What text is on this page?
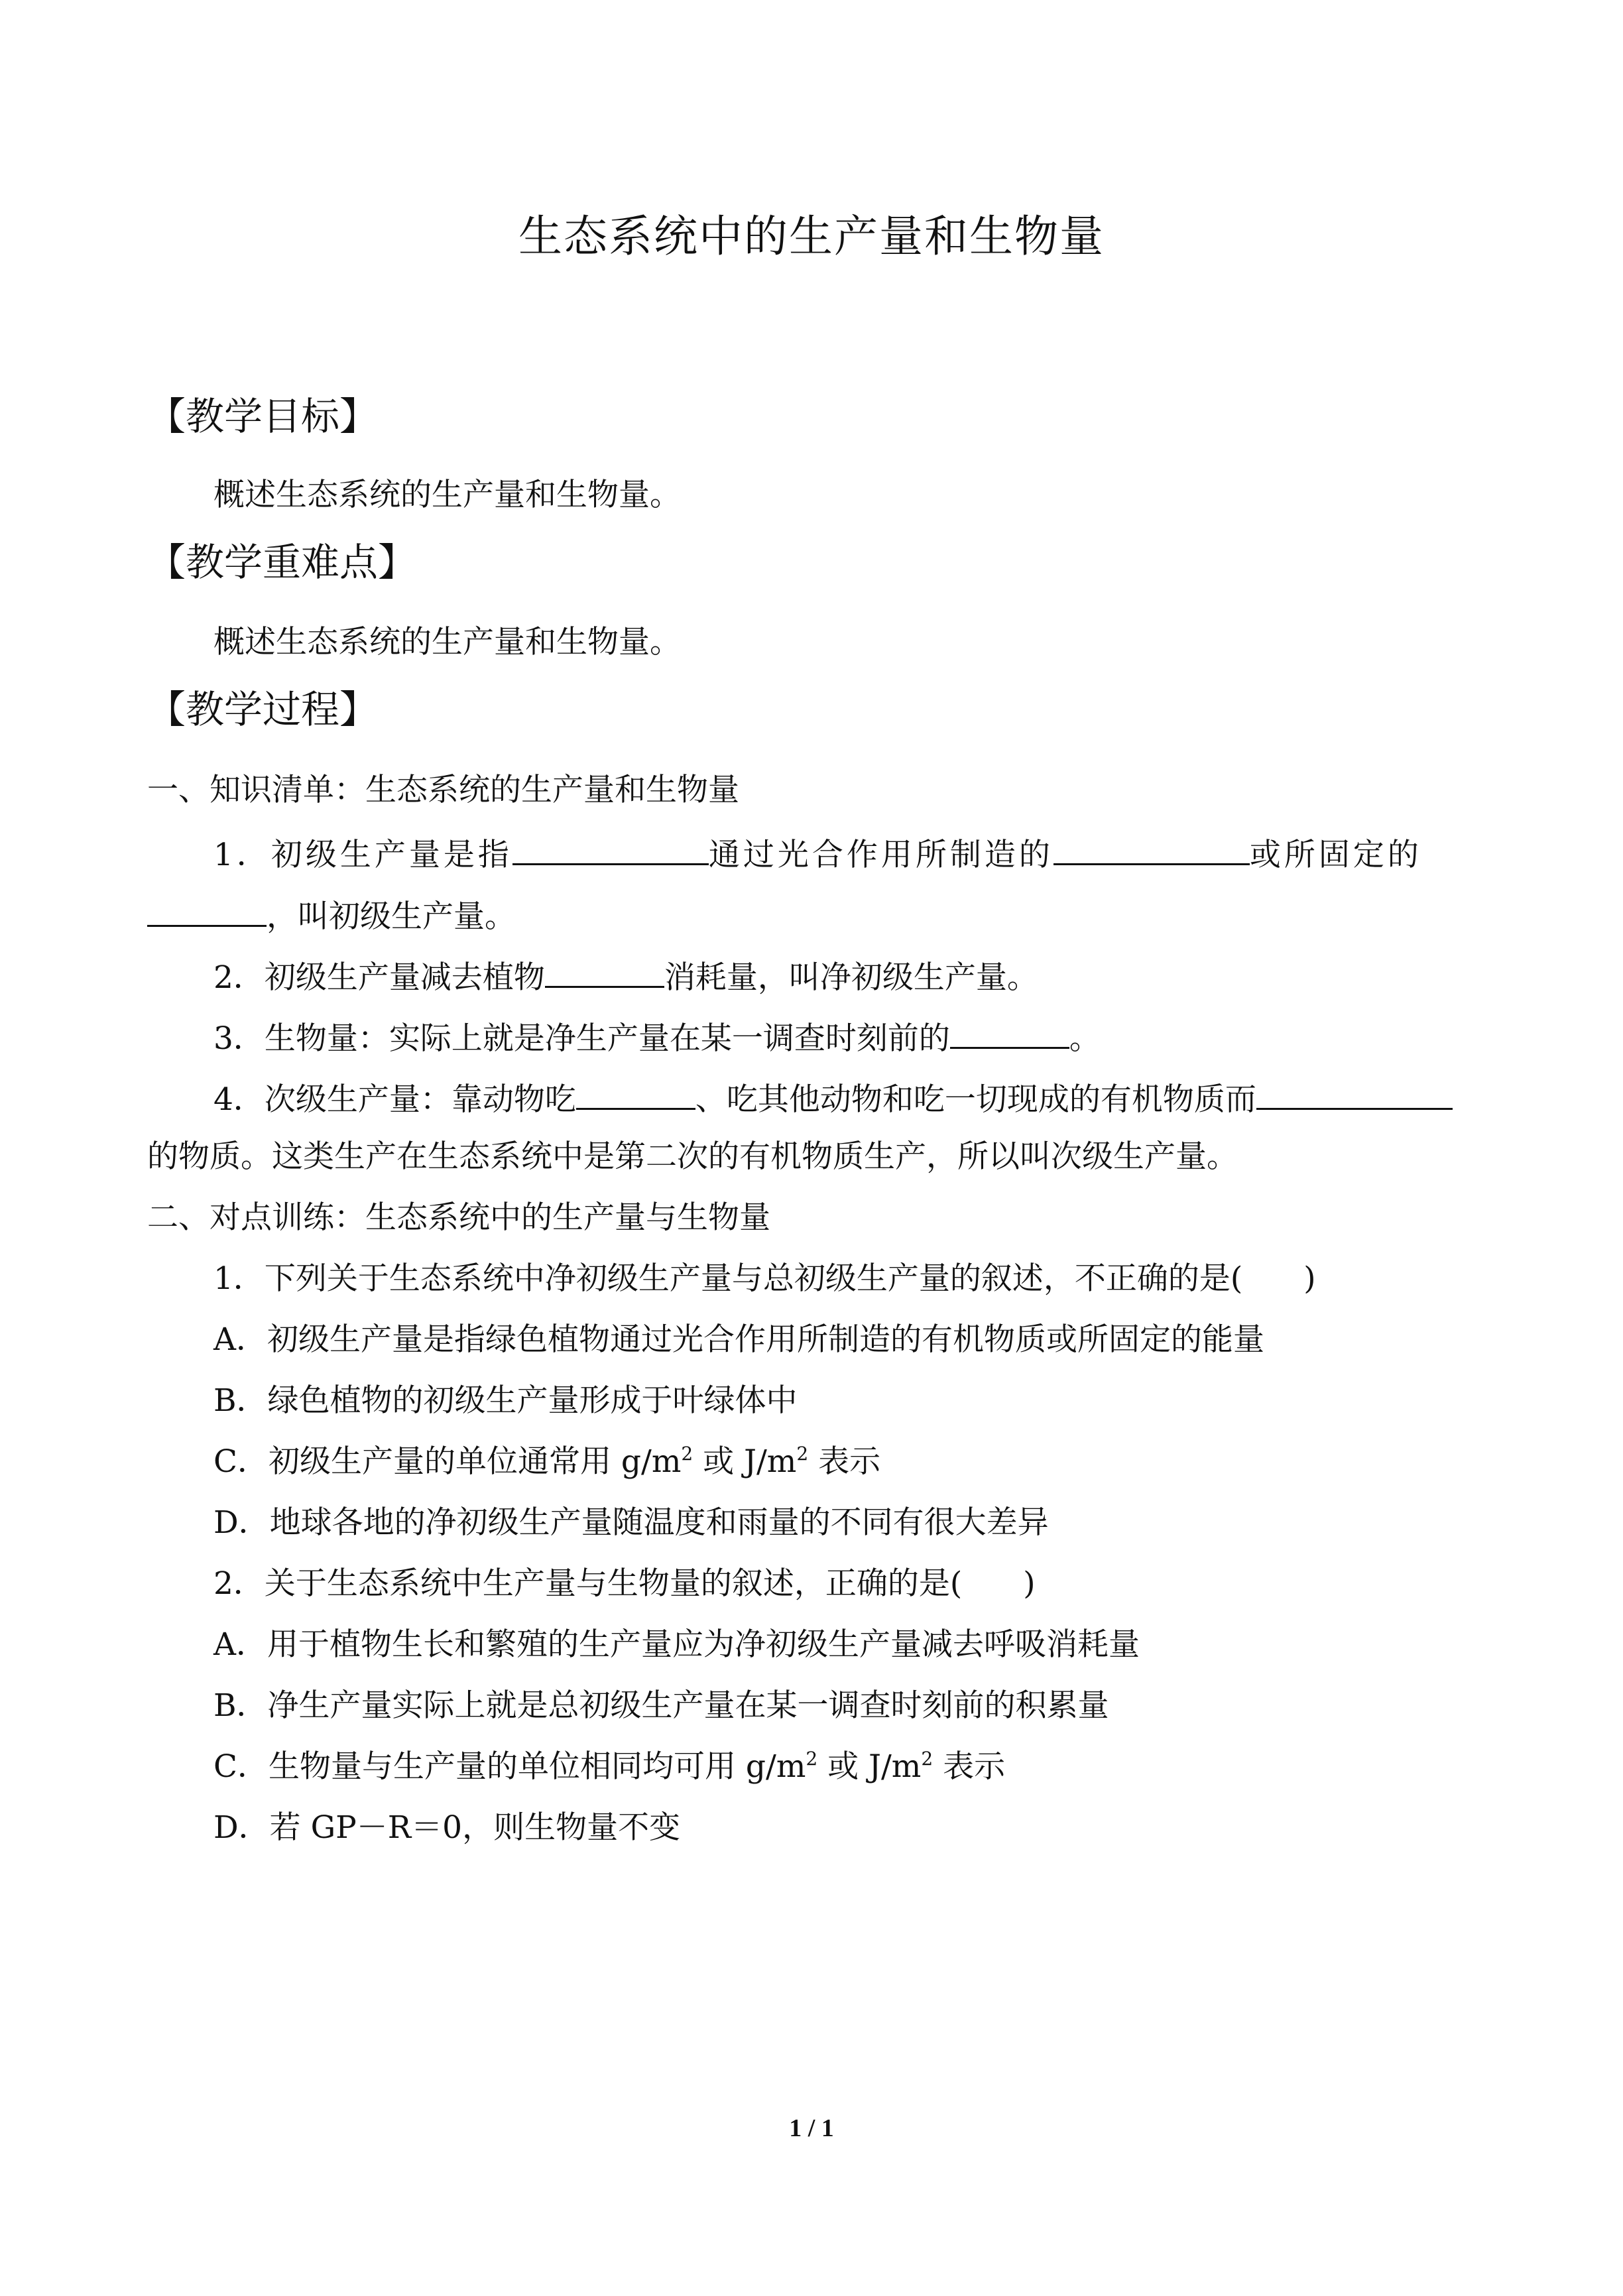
生态系统中的生产量和生物量
【教学目标】
概述生态系统的生产量和生物量。
【教学重难点】
概述生态系统的生产量和生物量。
【教学过程】
一、知识清单：生态系统的生产量和生物量
1．初级生产量是指	通过光合作用所制造的	或所固定的
，叫初级生产量。
2．初级生产量减去植物	消耗量，叫净初级生产量。
3．生物量：实际上就是净生产量在某一调查时刻前的	。
4．次级生产量：靠动物吃	、吃其他动物和吃一切现成的有机物质而
的物质。这类生产在生态系统中是第二次的有机物质生产，所以叫次级生产量。
二、对点训练：生态系统中的生产量与生物量
1．下列关于生态系统中净初级生产量与总初级生产量的叙述，不正确的是( )
A．初级生产量是指绿色植物通过光合作用所制造的有机物质或所固定的能量
B．绿色植物的初级生产量形成于叶绿体中
C．初级生产量的单位通常用 $g/m^2$ 或 $J/m^2$ 表示
D．地球各地的净初级生产量随温度和雨量的不同有很大差异
2．关于生态系统中生产量与生物量的叙述，正确的是( )
A．用于植物生长和繁殖的生产量应为净初级生产量减去呼吸消耗量
B．净生产量实际上就是总初级生产量在某一调查时刻前的积累量
C．生物量与生产量的单位相同均可用 $g/m^2$ 或 $J/m^2$ 表示
D．若 GP－R＝0，则生物量不变
1 / 1
